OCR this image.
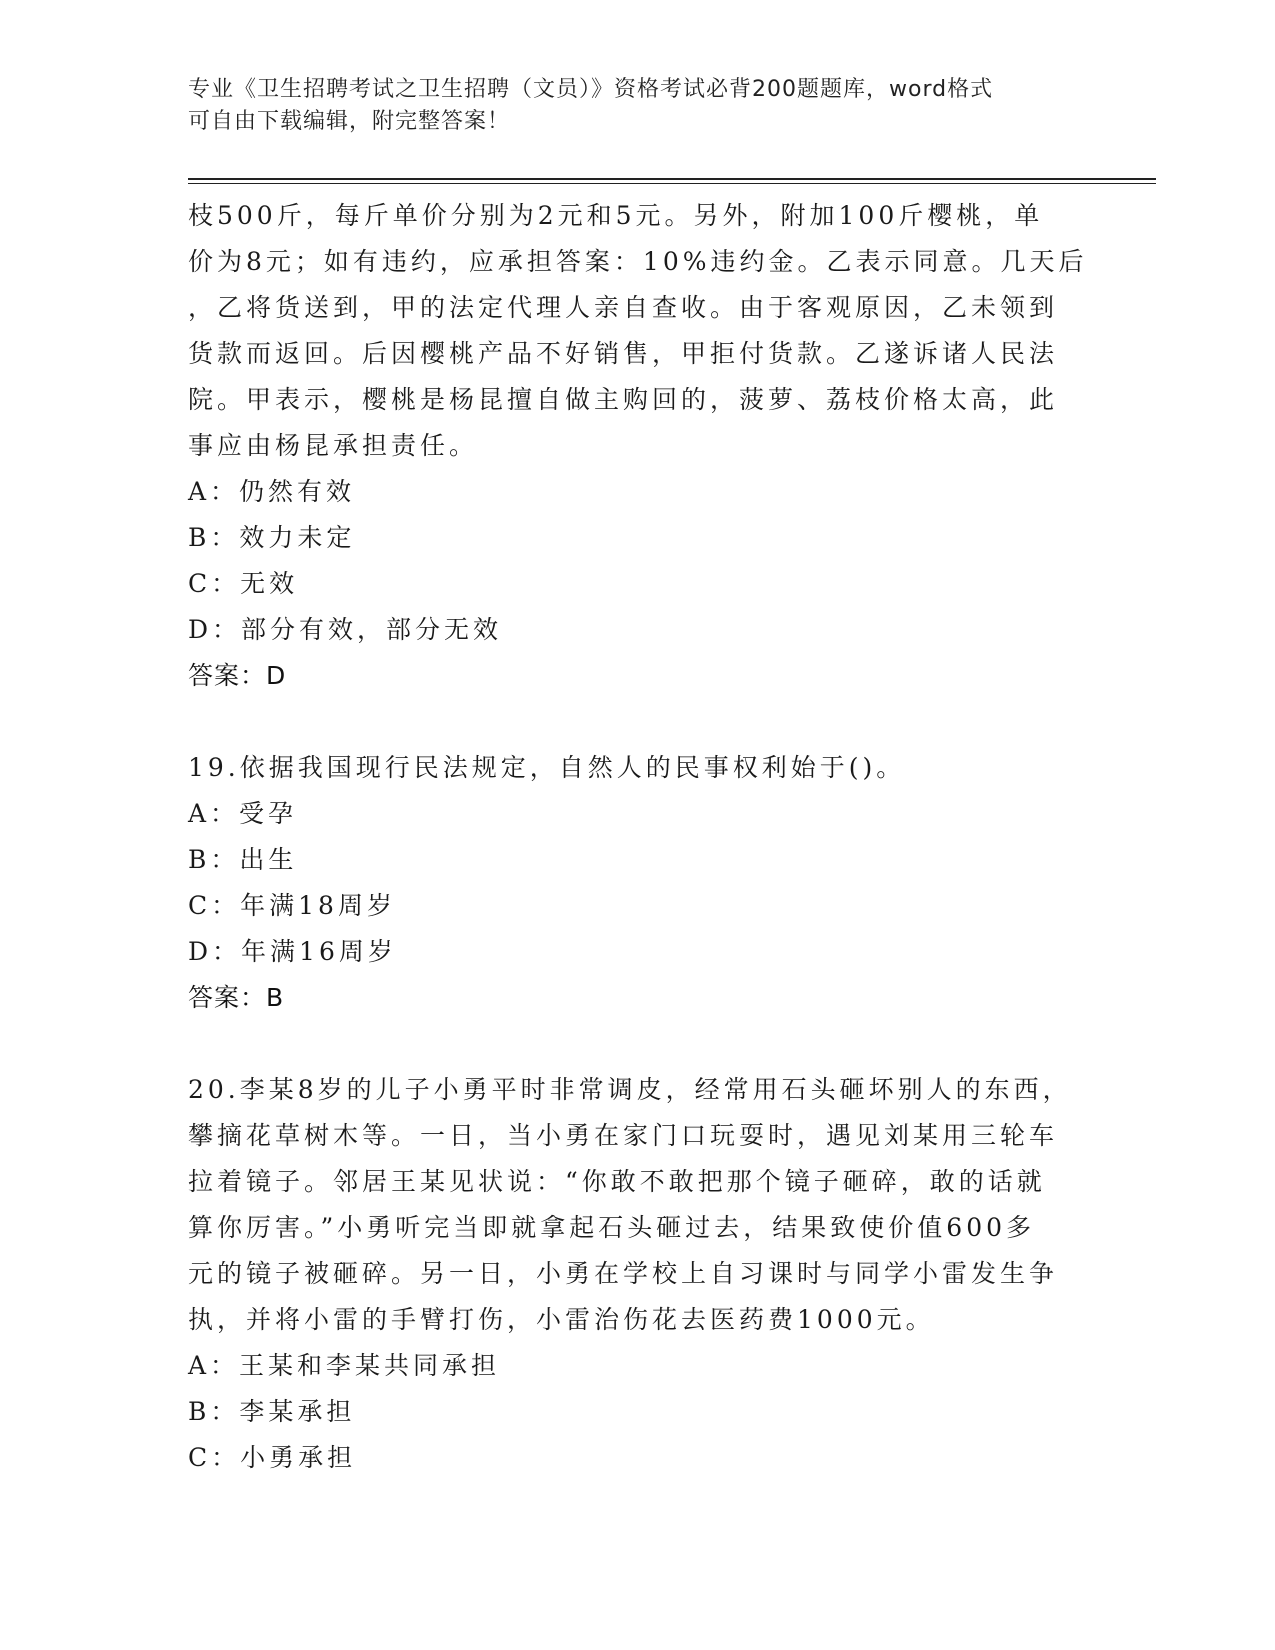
专业《卫生招聘考试之卫生招聘（文员）》资格考试必背200题题库，word格式
可自由下载编辑，附完整答案！
枝500斤，每斤单价分别为2元和5元。另外，附加100斤樱桃，单
价为8元；如有违约，应承担答案：10%违约金。乙表示同意。几天后
，乙将货送到，甲的法定代理人亲自查收。由于客观原因，乙未领到
货款而返回。后因樱桃产品不好销售，甲拒付货款。乙遂诉诸人民法
院。甲表示，樱桃是杨昆擅自做主购回的，菠萝、荔枝价格太高，此
事应由杨昆承担责任。
A：仍然有效
B：效力未定
C：无效
D：部分有效，部分无效
答案：D
19.依据我国现行民法规定，自然人的民事权利始于()。
A：受孕
B：出生
C：年满18周岁
D：年满16周岁
答案：B
20.李某8岁的儿子小勇平时非常调皮，经常用石头砸坏别人的东西，
攀摘花草树木等。一日，当小勇在家门口玩耍时，遇见刘某用三轮车
拉着镜子。邻居王某见状说：“你敢不敢把那个镜子砸碎，敢的话就
算你厉害。”小勇听完当即就拿起石头砸过去，结果致使价值600多
元的镜子被砸碎。另一日，小勇在学校上自习课时与同学小雷发生争
执，并将小雷的手臂打伤，小雷治伤花去医药费1000元。
A：王某和李某共同承担
B：李某承担
C：小勇承担
